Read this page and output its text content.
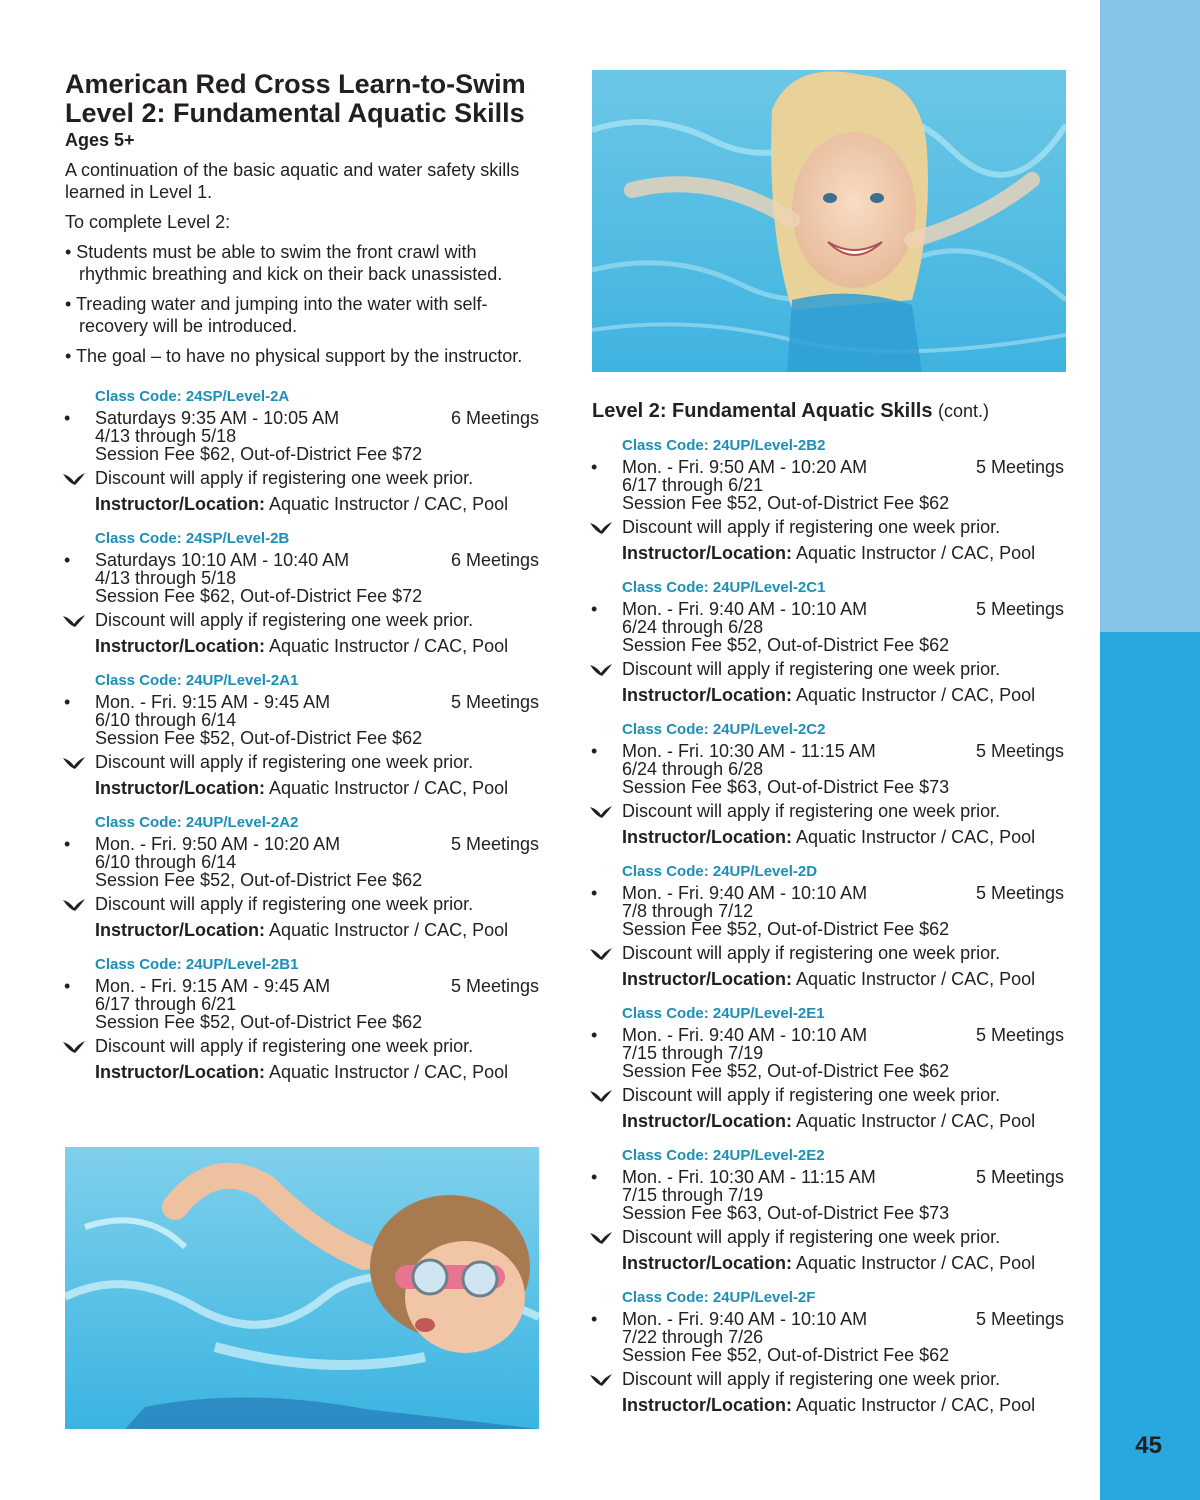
45
American Red Cross Learn-to-Swim
Level 2: Fundamental Aquatic Skills
Ages 5+

A continuation of the basic aquatic and water safety skills learned in Level 1.

To complete Level 2:

• Students must be able to swim the front crawl with rhythmic breathing and kick on their back unassisted.
• Treading water and jumping into the water with self-recovery will be introduced.
• The goal – to have no physical support by the instructor.
Class Code: 24SP/Level-2A
• Saturdays 9:35 AM - 10:05 AM	6 Meetings
4/13 through 5/18
Session Fee $62, Out-of-District Fee $72
Discount will apply if registering one week prior.
Instructor/Location: Aquatic Instructor / CAC, Pool
Class Code: 24SP/Level-2B
• Saturdays 10:10 AM - 10:40 AM	6 Meetings
4/13 through 5/18
Session Fee $62, Out-of-District Fee $72
Discount will apply if registering one week prior.
Instructor/Location: Aquatic Instructor / CAC, Pool
Class Code: 24UP/Level-2A1
• Mon. - Fri. 9:15 AM - 9:45 AM	5 Meetings
6/10 through 6/14
Session Fee $52, Out-of-District Fee $62
Discount will apply if registering one week prior.
Instructor/Location: Aquatic Instructor / CAC, Pool
Class Code: 24UP/Level-2A2
• Mon. - Fri. 9:50 AM - 10:20 AM	5 Meetings
6/10 through 6/14
Session Fee $52, Out-of-District Fee $62
Discount will apply if registering one week prior.
Instructor/Location: Aquatic Instructor / CAC, Pool
Class Code: 24UP/Level-2B1
• Mon. - Fri. 9:15 AM - 9:45 AM	5 Meetings
6/17 through 6/21
Session Fee $52, Out-of-District Fee $62
Discount will apply if registering one week prior.
Instructor/Location: Aquatic Instructor / CAC, Pool
Level 2: Fundamental Aquatic Skills (cont.)
Class Code: 24UP/Level-2B2
• Mon. - Fri. 9:50 AM - 10:20 AM	5 Meetings
6/17 through 6/21
Session Fee $52, Out-of-District Fee $62
Discount will apply if registering one week prior.
Instructor/Location: Aquatic Instructor / CAC, Pool
Class Code: 24UP/Level-2C1
• Mon. - Fri. 9:40 AM - 10:10 AM	5 Meetings
6/24 through 6/28
Session Fee $52, Out-of-District Fee $62
Discount will apply if registering one week prior.
Instructor/Location: Aquatic Instructor / CAC, Pool
Class Code: 24UP/Level-2C2
• Mon. - Fri. 10:30 AM - 11:15 AM	5 Meetings
6/24 through 6/28
Session Fee $63, Out-of-District Fee $73
Discount will apply if registering one week prior.
Instructor/Location: Aquatic Instructor / CAC, Pool
Class Code: 24UP/Level-2D
• Mon. - Fri. 9:40 AM - 10:10 AM	5 Meetings
7/8 through 7/12
Session Fee $52, Out-of-District Fee $62
Discount will apply if registering one week prior.
Instructor/Location: Aquatic Instructor / CAC, Pool
Class Code: 24UP/Level-2E1
• Mon. - Fri. 9:40 AM - 10:10 AM	5 Meetings
7/15 through 7/19
Session Fee $52, Out-of-District Fee $62
Discount will apply if registering one week prior.
Instructor/Location: Aquatic Instructor / CAC, Pool
Class Code: 24UP/Level-2E2
• Mon. - Fri. 10:30 AM - 11:15 AM	5 Meetings
7/15 through 7/19
Session Fee $63, Out-of-District Fee $73
Discount will apply if registering one week prior.
Instructor/Location: Aquatic Instructor / CAC, Pool
Class Code: 24UP/Level-2F
• Mon. - Fri. 9:40 AM - 10:10 AM	5 Meetings
7/22 through 7/26
Session Fee $52, Out-of-District Fee $62
Discount will apply if registering one week prior.
Instructor/Location: Aquatic Instructor / CAC, Pool
